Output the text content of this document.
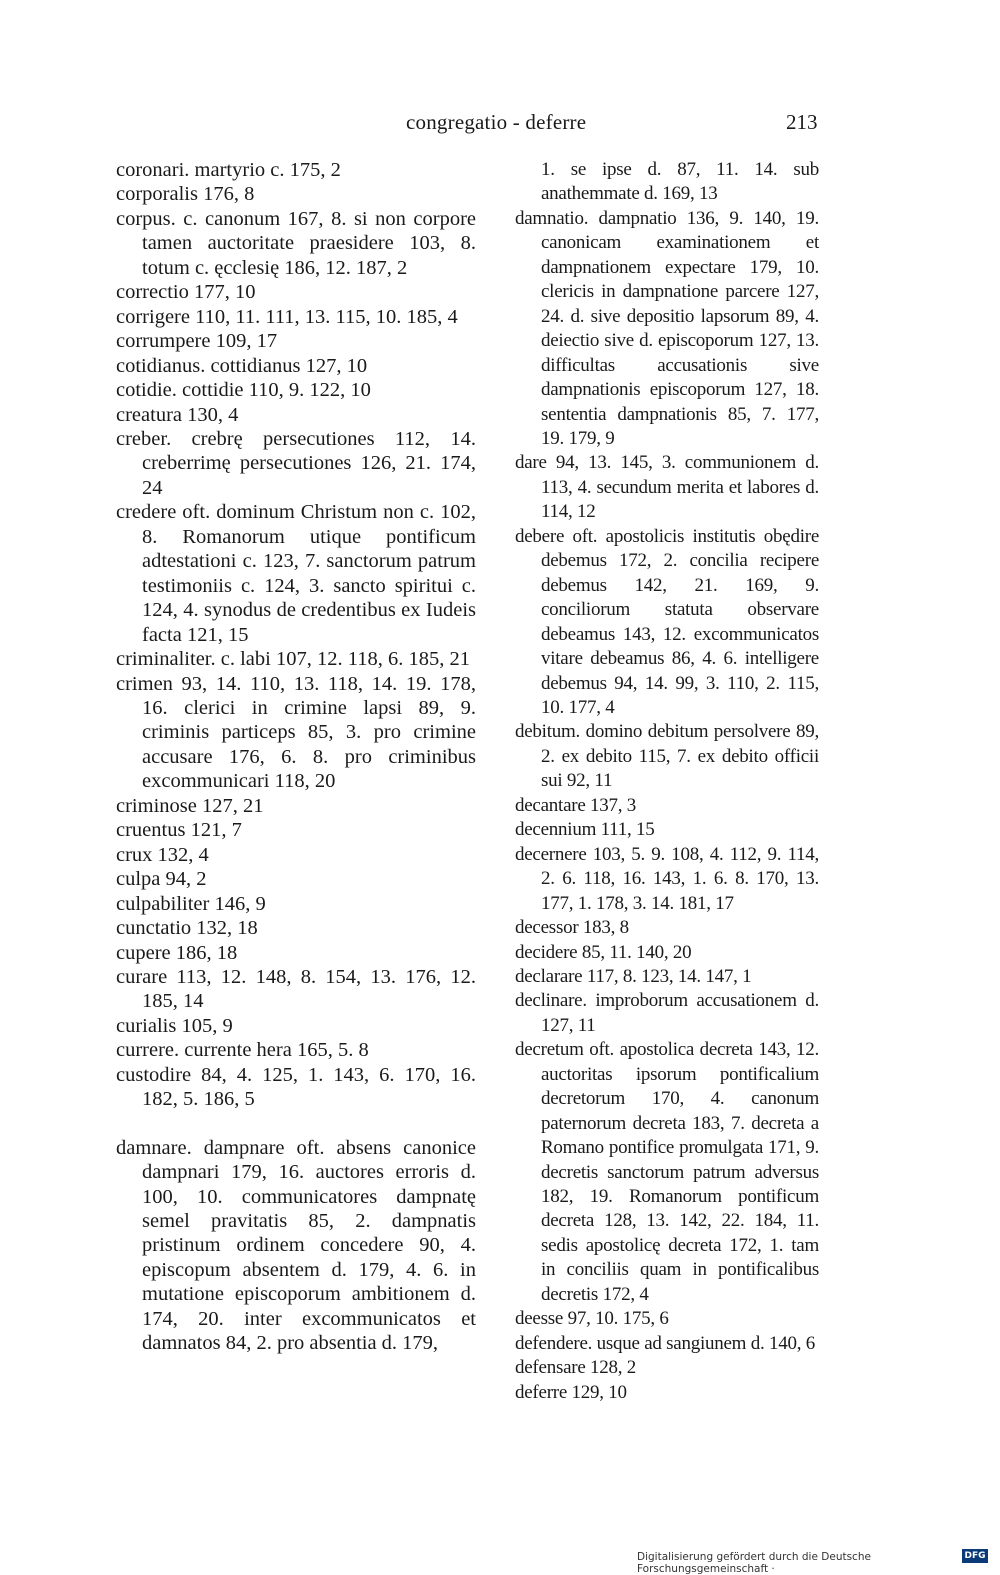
congregatio - deferre	213
coronari. martyrio c. 175, 2
corporalis 176, 8
corpus. c. canonum 167, 8. si non corpore tamen auctoritate praesidere 103, 8. totum c. ęcclesię 186, 12. 187, 2
correctio 177, 10
corrigere 110, 11. 111, 13. 115, 10. 185, 4
corrumpere 109, 17
cotidianus. cottidianus 127, 10
cotidie. cottidie 110, 9. 122, 10
creatura 130, 4
creber. crebrę persecutiones 112, 14. creberrimę persecutiones 126, 21. 174, 24
credere oft. dominum Christum non c. 102, 8. Romanorum utique pontificum adtestationi c. 123, 7. sanctorum patrum testimoniis c. 124, 3. sancto spiritui c. 124, 4. synodus de credentibus ex Iudeis facta 121, 15
criminaliter. c. labi 107, 12. 118, 6. 185, 21
crimen 93, 14. 110, 13. 118, 14. 19. 178, 16. clerici in crimine lapsi 89, 9. criminis particeps 85, 3. pro crimine accusare 176, 6. 8. pro criminibus excommunicari 118, 20
criminose 127, 21
cruentus 121, 7
crux 132, 4
culpa 94, 2
culpabiliter 146, 9
cunctatio 132, 18
cupere 186, 18
curare 113, 12. 148, 8. 154, 13. 176, 12. 185, 14
curialis 105, 9
currere. currente hera 165, 5. 8
custodire 84, 4. 125, 1. 143, 6. 170, 16. 182, 5. 186, 5
damnare. dampnare oft. absens canonice dampnari 179, 16. auctores erroris d. 100, 10. communicatores dampnatę semel pravitatis 85, 2. dampnatis pristinum ordinem concedere 90, 4. episcopum absentem d. 179, 4. 6. in mutatione episcoporum ambitionem d. 174, 20. inter excommunicatos et damnatos 84, 2. pro absentia d. 179,
1. se ipse d. 87, 11. 14. sub anathemmate d. 169, 13
damnatio. dampnatio 136, 9. 140, 19. canonicam examinationem et dampnationem expectare 179, 10. clericis in dampnatione parcere 127, 24. d. sive depositio lapsorum 89, 4. deiectio sive d. episcoporum 127, 13. difficultas accusationis sive dampnationis episcoporum 127, 18. sententia dampnationis 85, 7. 177, 19. 179, 9
dare 94, 13. 145, 3. communionem d. 113, 4. secundum merita et labores d. 114, 12
debere oft. apostolicis institutis obędire debemus 172, 2. concilia recipere debemus 142, 21. 169, 9. conciliorum statuta observare debeamus 143, 12. excommunicatos vitare debeamus 86, 4. 6. intelligere debemus 94, 14. 99, 3. 110, 2. 115, 10. 177, 4
debitum. domino debitum persolvere 89, 2. ex debito 115, 7. ex debito officii sui 92, 11
decantare 137, 3
decennium 111, 15
decernere 103, 5. 9. 108, 4. 112, 9. 114, 2. 6. 118, 16. 143, 1. 6. 8. 170, 13. 177, 1. 178, 3. 14. 181, 17
decessor 183, 8
decidere 85, 11. 140, 20
declarare 117, 8. 123, 14. 147, 1
declinare. improborum accusationem d. 127, 11
decretum oft. apostolica decreta 143, 12. auctoritas ipsorum pontificalium decretorum 170, 4. canonum paternorum decreta 183, 7. decreta a Romano pontifice promulgata 171, 9. decretis sanctorum patrum adversus 182, 19. Romanorum pontificum decreta 128, 13. 142, 22. 184, 11. sedis apostolicę decreta 172, 1. tam in conciliis quam in pontificalibus decretis 172, 4
deesse 97, 10. 175, 6
defendere. usque ad sangiunem d. 140, 6
defensare 128, 2
deferre 129, 10
Digitalisierung gefördert durch die Deutsche Forschungsgemeinschaft ·
DFG
